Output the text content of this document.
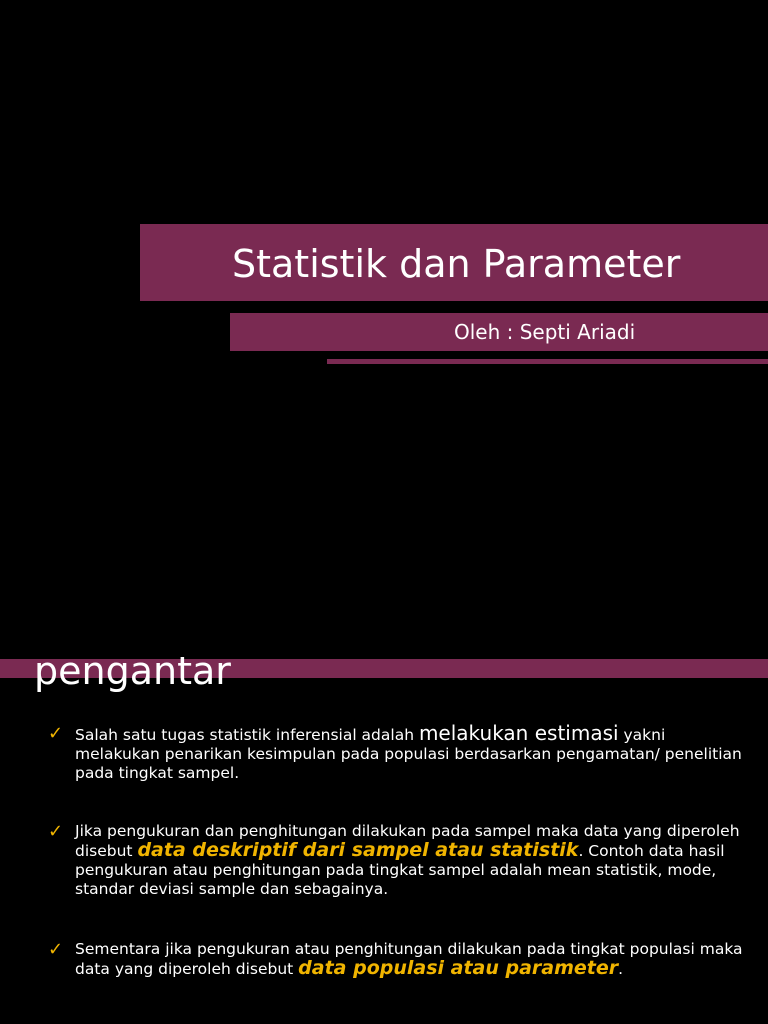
Statistik dan Parameter
Oleh : Septi Ariadi
pengantar
✓ Salah satu tugas statistik inferensial adalah melakukan estimasi yakni melakukan penarikan kesimpulan pada populasi berdasarkan pengamatan/ penelitian pada tingkat sampel.
✓ Jika pengukuran dan penghitungan dilakukan pada sampel maka data yang diperoleh disebut data deskriptif dari sampel atau statistik. Contoh data hasil pengukuran atau penghitungan pada tingkat sampel adalah mean statistik, mode, standar deviasi sample dan sebagainya.
✓ Sementara jika pengukuran atau penghitungan dilakukan pada tingkat populasi maka data yang diperoleh disebut data populasi atau parameter.
